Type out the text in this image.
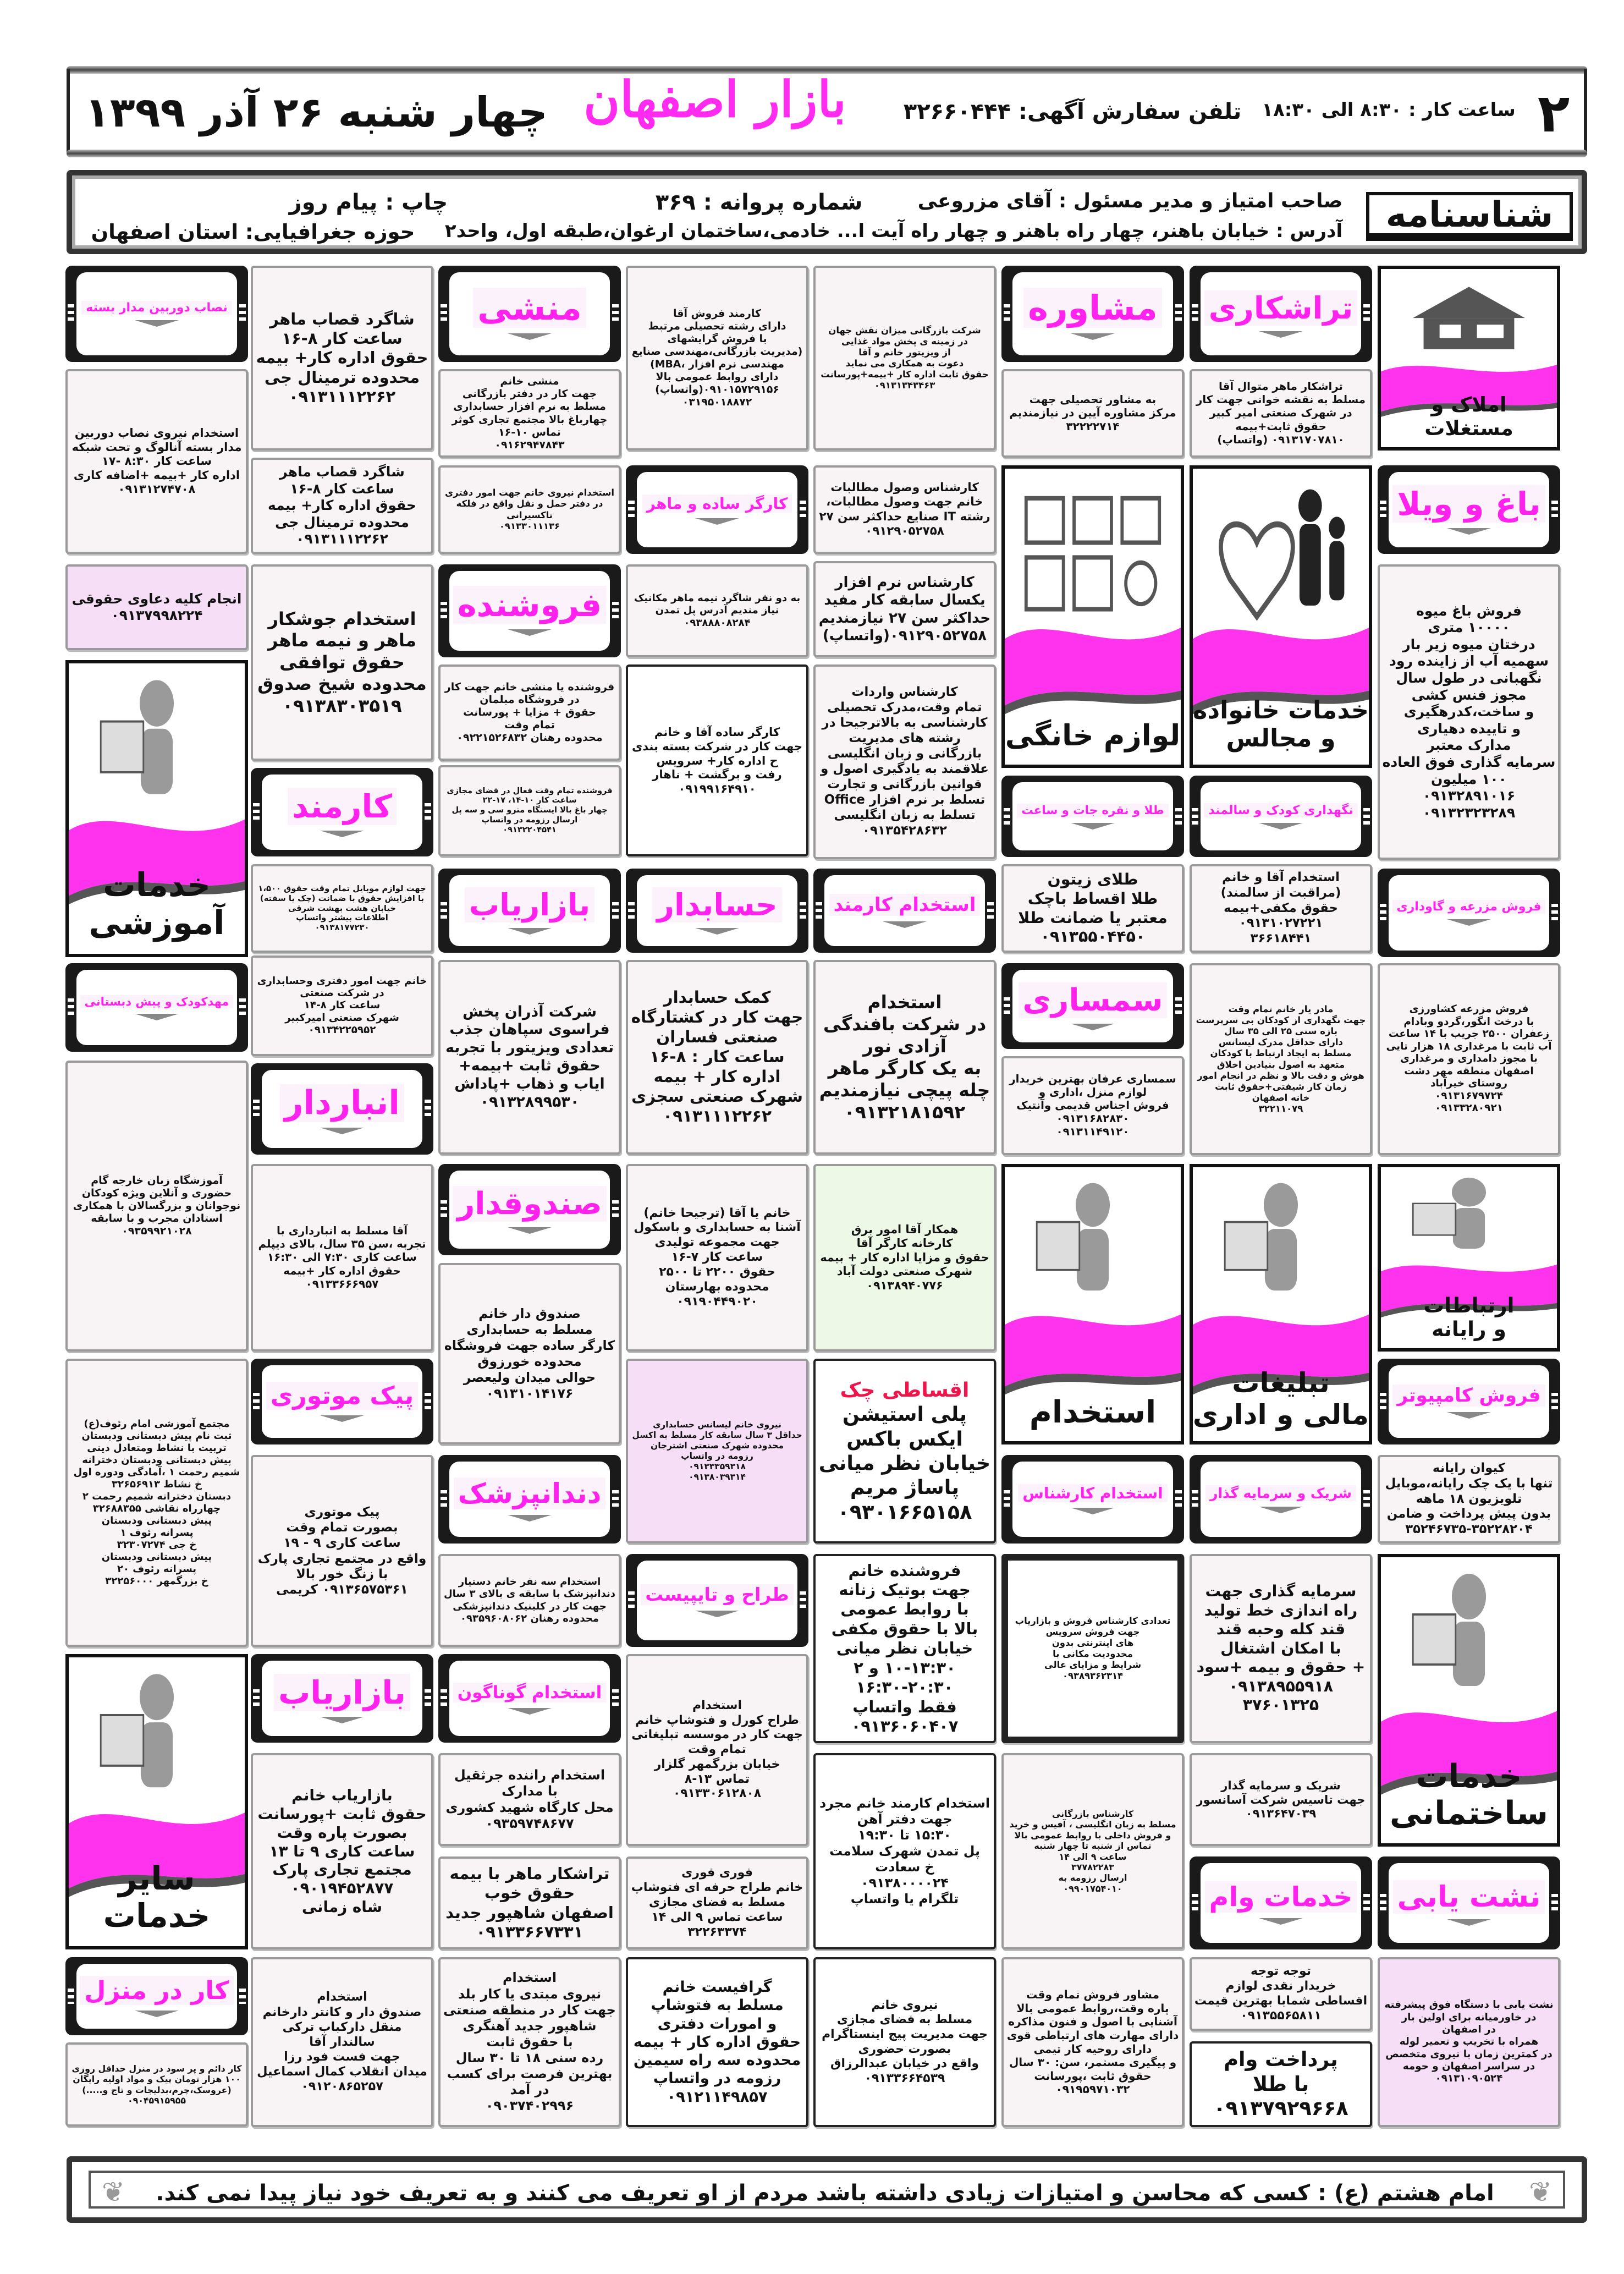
چهار شنبه ۲۶ آذر ۱۳۹۹ بازار اصفهان	تلفن سفارش آگهی: ۳۲۶۶۰۴۴۴ ساعت کار : ۸:۳۰ الی ۱۸:۳۰ ۲
شناسنامه
صاحب امتیاز و مدیر مسئول : آقای مزروعی
شماره پروانه : ۳۶۹
چاپ : پیام روز
آدرس : خیابان باهنر، چهار راه باهنر و چهار راه آیت ا... خادمی،ساختمان ارغوان،طبقه اول، واحد۲
حوزه جغرافیایی: استان اصفهان
املاک و
مستغلات
باغ و ویلا
فروش باغ میوه
۱۰۰۰۰ متری
درختان میوه زیر بار
سهمیه آب از زاینده رود
نگهبانی در طول سال
مجوز فنس کشی
و ساخت،کدرهگیری
و تاییده دهیاری
مدارک معتبر
سرمایه گذاری فوق العاده
۱۰۰ میلیون
۰۹۱۳۲۸۹۱۰۱۶
۰۹۱۳۲۳۲۳۲۸۹
فروش مزرعه و گاوداری
فروش مزرعه کشاورزی
با درخت انگور،گردو وبادام
زعفران ۲۵۰۰ جریب با ۱۴ ساعت
آب ثابت با مرغداری ۱۸ هزار تایی
با مجوز دامداری و مرغداری
اصفهان منطقه مهر دشت
روستای خیرآباد
۰۹۱۳۱۶۷۹۷۲۴
۰۹۱۳۳۲۸۰۹۲۱
ارتباطات
و رایانه
فروش کامپیوتر
کیوان رایانه
تنها با یک چک رایانه،موبایل
تلویزیون ۱۸ ماهه
بدون پیش پرداخت و ضامن
۳۵۲۴۶۷۳۵-۳۵۲۲۸۲۰۴
خدمات
ساختمانی
نشت یابی
نشت یابی با دستگاه فوق پیشرفته
در خاورمیانه برای اولین بار
در اصفهان
همراه با تخریب و تعمیر لوله
در کمترین زمان با نیروی متخصص
در سراسر اصفهان و حومه
۰۹۱۳۱۰۹۰۵۲۴
تراشکاری
تراشکار ماهر متوال آقا
مسلط به نقشه خوانی جهت کار
در شهرک صنعتی امیر کبیر
حقوق ثابت+بیمه
۰۹۱۳۱۷۰۷۸۱۰ (واتساپ)
خدمات خانواده
و مجالس
نگهداری کودک و سالمند
استخدام آقا و خانم
(مراقبت از سالمند)
حقوق مکفی+بیمه
۰۹۱۳۱۰۲۷۲۲۱
۳۶۶۱۸۴۴۱
مادر یار خانم تمام وقت
جهت نگهداری از کودکان بی سرپرست
بازه سنی ۲۵ الی ۳۵ سال
دارای حداقل مدرک لیسانس
مسلط به ایجاد ارتباط با کودکان
متعهد به اصول بنیادین اخلاق
هوش و دقت بالا و نظم در انجام امور
زمان کار شیفتی+حقوق ثابت
خانه اصفهان
۳۲۲۱۱۰۷۹
تبلیغات
مالی و اداری
شریک و سرمایه گذار
سرمایه گذاری جهت
راه اندازی خط تولید
قند کله وحبه قند
با امکان اشتغال
+ حقوق و بیمه +سود
۰۹۱۳۸۹۵۵۹۱۸
۳۷۶۰۱۳۲۵
شریک و سرمایه گذار
جهت تاسیس شرکت آسانسور
۰۹۱۳۶۴۷۰۳۹
خدمات وام
توجه توجه
خریدار نقدی لوازم
اقساطی شمابا بهترین قیمت
۰۹۱۳۵۵۶۵۸۱۱
پرداخت وام
با طلا
۰۹۱۳۷۹۲۹۶۶۸
مشاوره
به مشاور تحصیلی جهت
مرکز مشاوره آیین در نیازمندیم
۳۲۲۲۲۷۱۴
لوازم خانگی
طلا و نقره جات و ساعت
طلای زیتون
طلا اقساط باچک
معتبر یا ضمانت طلا
۰۹۱۳۵۵۰۴۴۵۰
سمساری
سمساری عرفان بهترین خریدار
لوازم منزل ،اداری و
فروش اجناس قدیمی وآنتیک
۰۹۱۳۱۶۸۲۸۳۰
۰۹۱۳۱۱۴۹۱۲۰
استخدام
استخدام کارشناس
تعدادی کارشناس فروش و بازاریاب
جهت فروش سرویس
های اینترنتی بدون
محدودیت مکانی با
شرایط و مزایای عالی
۰۹۳۸۹۳۶۲۳۱۴
کارشناس بازرگانی
مسلط به زبان انگلیسی ، آفیس و خرید
و فروش داخلی با روابط عمومی بالا
تماس از شنبه تا چهار شنبه
ساعت ۹ الی ۱۴
۳۷۷۸۲۲۸۳
ارسال رزومه به
۰۹۹۰۱۷۵۴۰۱۰
مشاور فروش تمام وقت
پاره وقت،روابط عمومی بالا
آشنایی با اصول و فنون مذاکره
دارای مهارت های ارتباطی قوی
دارای روحیه کار تیمی
و پیگیری مستمر، سن: ۳۰ سال
حقوق ثابت ،پورسانت
۰۹۱۹۵۹۷۱۰۳۲
شرکت بازرگانی میزان نقش جهان
در زمینه ی پخش مواد غذایی
از ویزیتور خانم و آقا
دعوت به همکاری می نماید
حقوق ثابت اداره کار +بیمه+پورسانت
۰۹۱۳۱۳۴۳۴۶۳
کارشناس وصول مطالبات
خانم جهت وصول مطالبات،
رشته IT صنایع حداکثر سن ۲۷
۰۹۱۲۹۰۵۲۷۵۸
کارشناس نرم افزار
یکسال سابقه کار مفید
حداکثر سن ۲۷ نیازمندیم
۰۹۱۲۹۰۵۲۷۵۸(واتساپ)
کارشناس واردات
تمام وقت،مدرک تحصیلی
کارشناسی به بالاترجیحا در
رشته های مدیریت
بازرگانی و زبان انگلیسی
علاقمند به یادگیری اصول و
قوانین بازرگانی و تجارت
تسلط بر نرم افزار Office
تسلط به زبان انگلیسی
۰۹۱۳۵۴۲۸۶۳۲
استخدام کارمند
استخدام
در شرکت بافندگی
آزادی نور
به یک کارگر ماهر
چله پیچی نیازمندیم
۰۹۱۳۲۱۸۱۵۹۲
همکار آقا امور برق
کارخانه کارگر آقا
حقوق و مزایا اداره کار + بیمه
شهرک صنعتی دولت آباد
۰۹۱۳۸۹۴۰۷۷۶
اقساطی چک
پلی استیشن
ایکس باکس
خیابان نظر میانی
پاساژ مریم
۰۹۳۰۱۶۶۵۱۵۸
فروشنده خانم
جهت بوتیک زنانه
با روابط عمومی
بالا با حقوق مکفی
خیابان نظر میانی
۱۰-۱۳:۳۰ و ۲
۱۶:۳۰-۲۰:۳۰
فقط واتساپ
۰۹۱۳۶۰۶۰۴۰۷
استخدام کارمند خانم مجرد
جهت دفتر آهن
۱۵:۳۰ تا ۱۹:۳۰
پل تمدن شهرک سلامت
خ سعادت
۰۹۱۳۸۰۰۰۰۲۴
تلگرام یا واتساپ
نیروی خانم
مسلط به فضای مجازی
جهت مدیریت پیج اینستاگرام
بصورت حضوری
واقع در خیابان عبدالرزاق
۰۹۱۳۳۶۶۴۵۳۹
کارمند فروش آقا
دارای رشته تحصیلی مرتبط
با فروش گرایشهای
(مدیریت بازرگانی،مهندسی صنایع
مهندسی نرم افزار ،MBA)
دارای روابط عمومی بالا
۰۹۱۰۱۵۷۲۹۱۵۶(واتساپ)
۰۳۱۹۵۰۱۸۸۷۲
کارگر ساده و ماهر
به دو نفر شاگرد نیمه ماهر مکانیک
نیاز مندیم آدرس پل تمدن
۰۹۳۸۸۸۰۸۲۸۴
کارگر ساده آقا و خانم
جهت کار در شرکت بسته بندی
ح اداره کار+ سرویس
رفت و برگشت + ناهار
۰۹۱۹۹۱۶۴۹۱۰
حسابدار
کمک حسابدار
جهت کار در کشتارگاه
صنعتی فساران
ساعت کار : ۸-۱۶
اداره کار + بیمه
شهرک صنعتی سجزی
۰۹۱۳۱۱۱۲۲۶۲
خانم یا آقا (ترجیحا خانم)
آشنا به حسابداری و باسکول
جهت مجموعه تولیدی
ساعت کار ۷-۱۶
حقوق ۲۲۰۰ تا ۲۵۰۰
محدوده بهارستان
۰۹۱۹۰۴۴۹۰۲۰
نیروی خانم لیسانس حسابداری
حداقل ۳ سال سابقه کار مسلط به اکسل
محدوده شهرک صنعتی اشترجان
رزومه در واتساپ
۰۹۱۳۳۳۵۹۳۱۸
۰۹۱۳۸۰۳۹۳۱۴
طراح و تایپیست
استخدام
طراح کورل و فتوشاپ خانم
جهت کار در موسسه تبلیغاتی
تمام وقت
خیابان بزرگمهر گلزار
تماس ۱۳-۸
۰۹۱۳۳۰۶۱۲۸۰۸
فوری فوری
خانم طراح حرفه ای فتوشاپ
مسلط به فضای مجازی
ساعت تماس ۹ الی ۱۴
۳۲۲۶۳۳۷۴
گرافیست خانم
مسلط به فتوشاپ
و امورات دفتری
حقوق اداره کار + بیمه
محدوده سه راه سیمین
رزومه در واتساپ
۰۹۱۲۱۱۴۹۸۵۷
منشی
منشی خانم
جهت کار در دفتر بازرگانی
مسلط به نرم افزار حسابداری
چهارباغ بالا مجتمع تجاری کوثر
تماس ۱۰-۱۶
۰۹۱۶۲۹۴۷۸۴۳
استخدام نیروی خانم جهت امور دفتری
در دفتر حمل و نقل واقع در فلکه
تاکسیرانی
۰۹۱۳۳۰۱۱۱۳۶
فروشنده
فروشنده یا منشی خانم جهت کار
در فروشگاه مبلمان
حقوق + مزایا + پورسانت
تمام وقت
محدوده رهنان ۰۹۲۲۱۵۲۶۸۳۲
فروشنده تمام وقت فعال در فضای مجازی
ساعت کار ۱۰-۱۴، ۱۷-۲۲
چهار باغ بالا ایستگاه مترو سی و سه پل
ارسال رزومه در واتساپ
۰۹۱۳۲۲۰۴۵۴۱
بازاریاب
شرکت آذران پخش
فراسوی سپاهان جذب
تعدادی ویزیتور با تجربه
حقوق ثابت +بیمه+
ایاب و ذهاب +پاداش
۰۹۱۳۲۸۹۹۵۳۰
صندوقدار
صندوق دار خانم
مسلط به حسابداری
کارگر ساده جهت فروشگاه
محدوده خورزوق
حوالی میدان ولیعصر
۰۹۱۳۱۰۱۴۱۷۶
دندانپزشک
استخدام سه نفر خانم دستیار
دندانپزشک با سابقه ی بالای ۳ سال
جهت کار در کلینیک دندانپزشکی
محدوده رهنان ۰۹۳۵۹۶۰۸۰۶۲
استخدام گوناگون
استخدام راننده جرثقیل
با مدارک
محل کارگاه شهید کشوری
۰۹۳۵۹۷۴۸۶۷۷
تراشکار ماهر با بیمه
حقوق خوب
اصفهان شاهپور جدید
۰۹۱۳۳۶۶۷۳۳۱
استخدام
نیروی مبتدی یا کار بلد
جهت کار در منطقه صنعتی
شاهپور جدید آهنگری
با حقوق ثابت
رده سنی ۱۸ تا ۳۰ سال
بهترین فرصت برای کسب
در آمد
۰۹۰۳۷۴۰۲۹۹۶
شاگرد قصاب ماهر
ساعت کار ۸-۱۶
حقوق اداره کار+ بیمه
محدوده ترمینال جی
۰۹۱۳۱۱۱۲۲۶۲
شاگرد قصاب ماهر
ساعت کار ۸-۱۶
حقوق اداره کار+ بیمه
محدوده ترمینال جی
۰۹۱۳۱۱۱۲۲۶۲
استخدام جوشکار
ماهر و نیمه ماهر
حقوق توافقی
محدوده شیخ صدوق
۰۹۱۳۸۳۰۳۵۱۹
کارمند
جهت لوازم موبایل تمام وقت حقوق ۱،۵۰۰
با افزایش حقوق با ضمانت (چک یا سفته)
خیابان هشت بهشت شرقی
اطلاعات بیشتر واتساپ
۰۹۱۳۸۱۷۷۲۳۰
خانم جهت امور دفتری وحسابداری
در شرکت صنعتی
ساعت کار ۸-۱۴
شهرک صنعتی امیرکبیر
۰۹۱۳۴۲۲۵۹۵۲
انباردار
آقا مسلط به انبارداری با
تجربه ،سن ۳۵ سال، بالای دیپلم
ساعت کاری ۷:۳۰ الی ۱۶:۳۰
حقوق اداره کار +بیمه
۰۹۱۳۳۶۶۶۹۵۷
پیک موتوری
پیک موتوری
بصورت تمام وقت
ساعت کاری ۹ - ۱۹
واقع در مجتمع تجاری پارک
با زنگ خور بالا
۰۹۱۳۶۵۷۵۳۶۱ کریمی
بازاریاب
بازاریاب خانم
حقوق ثابت +پورسانت
بصورت پاره وقت
ساعت کاری ۹ تا ۱۳
مجتمع تجاری پارک
۰۹۰۱۹۴۵۲۸۷۷
شاه زمانی
استخدام
صندوق دار و کانتر دارخانم
منقل دارکباب ترکی
سالندار آقا
جهت فست فود رزا
میدان انقلاب کمال اسماعیل
۰۹۱۲۰۸۶۵۲۵۷
نصاب دوربین مدار بسته
استخدام نیروی نصاب دوربین
مدار بسته آنالوگ و تحت شبکه
ساعت کار ۸:۳۰ -۱۷
اداره کار +بیمه +اضافه کاری
۰۹۱۳۱۲۷۴۷۰۸
انجام کلیه دعاوی حقوقی
۰۹۱۳۷۹۹۸۲۲۴
خدمات
آموزشی
مهدکودک و پیش دبستانی
آموزشگاه زبان خارجه گام
حضوری و آنلاین ویژه کودکان
نوجوانان و بزرگسالان با همکاری
استادان مجرب و با سابقه
۰۹۳۵۹۹۲۱۰۲۸
مجتمع آموزشی امام رئوف(ع)
ثبت نام پیش دبستانی ودبستان
تربیت با نشاط ومتعادل دینی
پیش دبستانی ودبستان دخترانه
شمیم رحمت ۱ ،آمادگی ودوره اول
خ نشاط ۳۲۶۵۶۹۱۳
دبستان دخترانه شمیم رحمت ۲
چهارراه نقاشی ۳۲۶۸۸۳۵۵
پیش دبستانی ودبستان
پسرانه رئوف ۱
خ جی ۳۲۳۰۷۲۷۴
پیش دبستانی ودبستان
پسرانه رئوف ۲۰
خ بزرگمهر ۳۲۲۵۶۰۰۰
سایر
خدمات
کار در منزل
کار دائم و پر سود در منزل حداقل روزی
۱۰۰ هزار تومان پیک و مواد اولیه رایگان
(عروسک،چرم،بدلیجات و تاج و.....)
۰۹۰۴۵۹۱۵۹۵۵
❦
امام هشتم (ع) : کسی که محاسن و امتیازات زیادی داشته باشد مردم از او تعریف می کنند و به تعریف خود نیاز پیدا نمی کند.
❦
